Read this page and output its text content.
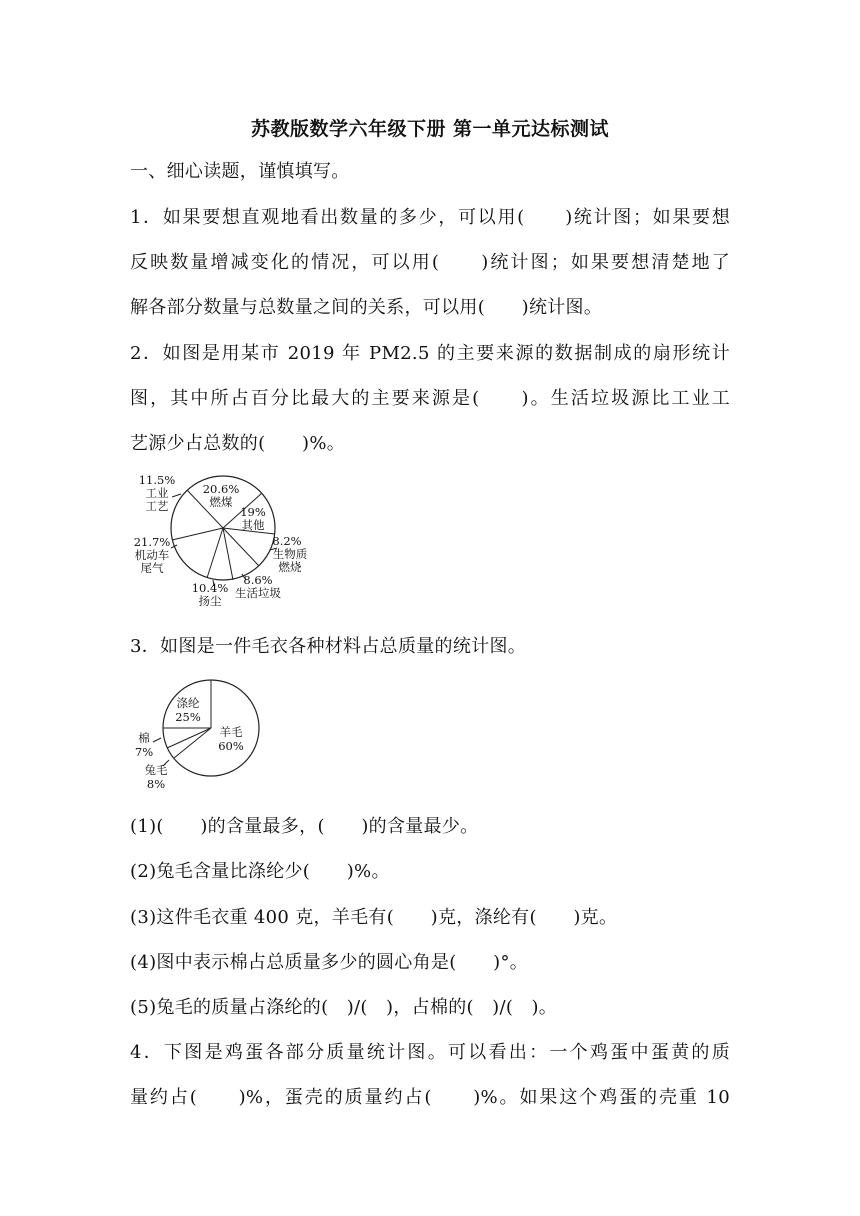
苏教版数学六年级下册 第一单元达标测试
一、细心读题，谨慎填写。
1．如果要想直观地看出数量的多少，可以用(　　)统计图；如果要想
反映数量增减变化的情况，可以用(　　)统计图；如果要想清楚地了
解各部分数量与总数量之间的关系，可以用(　　)统计图。
2．如图是用某市 2019 年 PM2.5 的主要来源的数据制成的扇形统计
图，其中所占百分比最大的主要来源是(　　)。生活垃圾源比工业工
艺源少占总数的(　　)%。
20.6%
燃煤
19%
其他
8.2%
生物质
燃烧
8.6%
生活垃圾
10.4%
扬尘
21.7%
机动车
尾气
11.5%
工业
工艺
3．如图是一件毛衣各种材料占总质量的统计图。
涤纶
25%
羊毛
60%
棉
7%
兔毛
8%
(1)(　　)的含量最多，(　　)的含量最少。
(2)兔毛含量比涤纶少(　　)%。
(3)这件毛衣重 400 克，羊毛有(　　)克，涤纶有(　　)克。
(4)图中表示棉占总质量多少的圆心角是(　　)°。
(5)兔毛的质量占涤纶的(　)/(　)，占棉的(　)/(　)。
4．下图是鸡蛋各部分质量统计图。可以看出：一个鸡蛋中蛋黄的质
量约占(　　)%，蛋壳的质量约占(　　)%。如果这个鸡蛋的壳重 10
